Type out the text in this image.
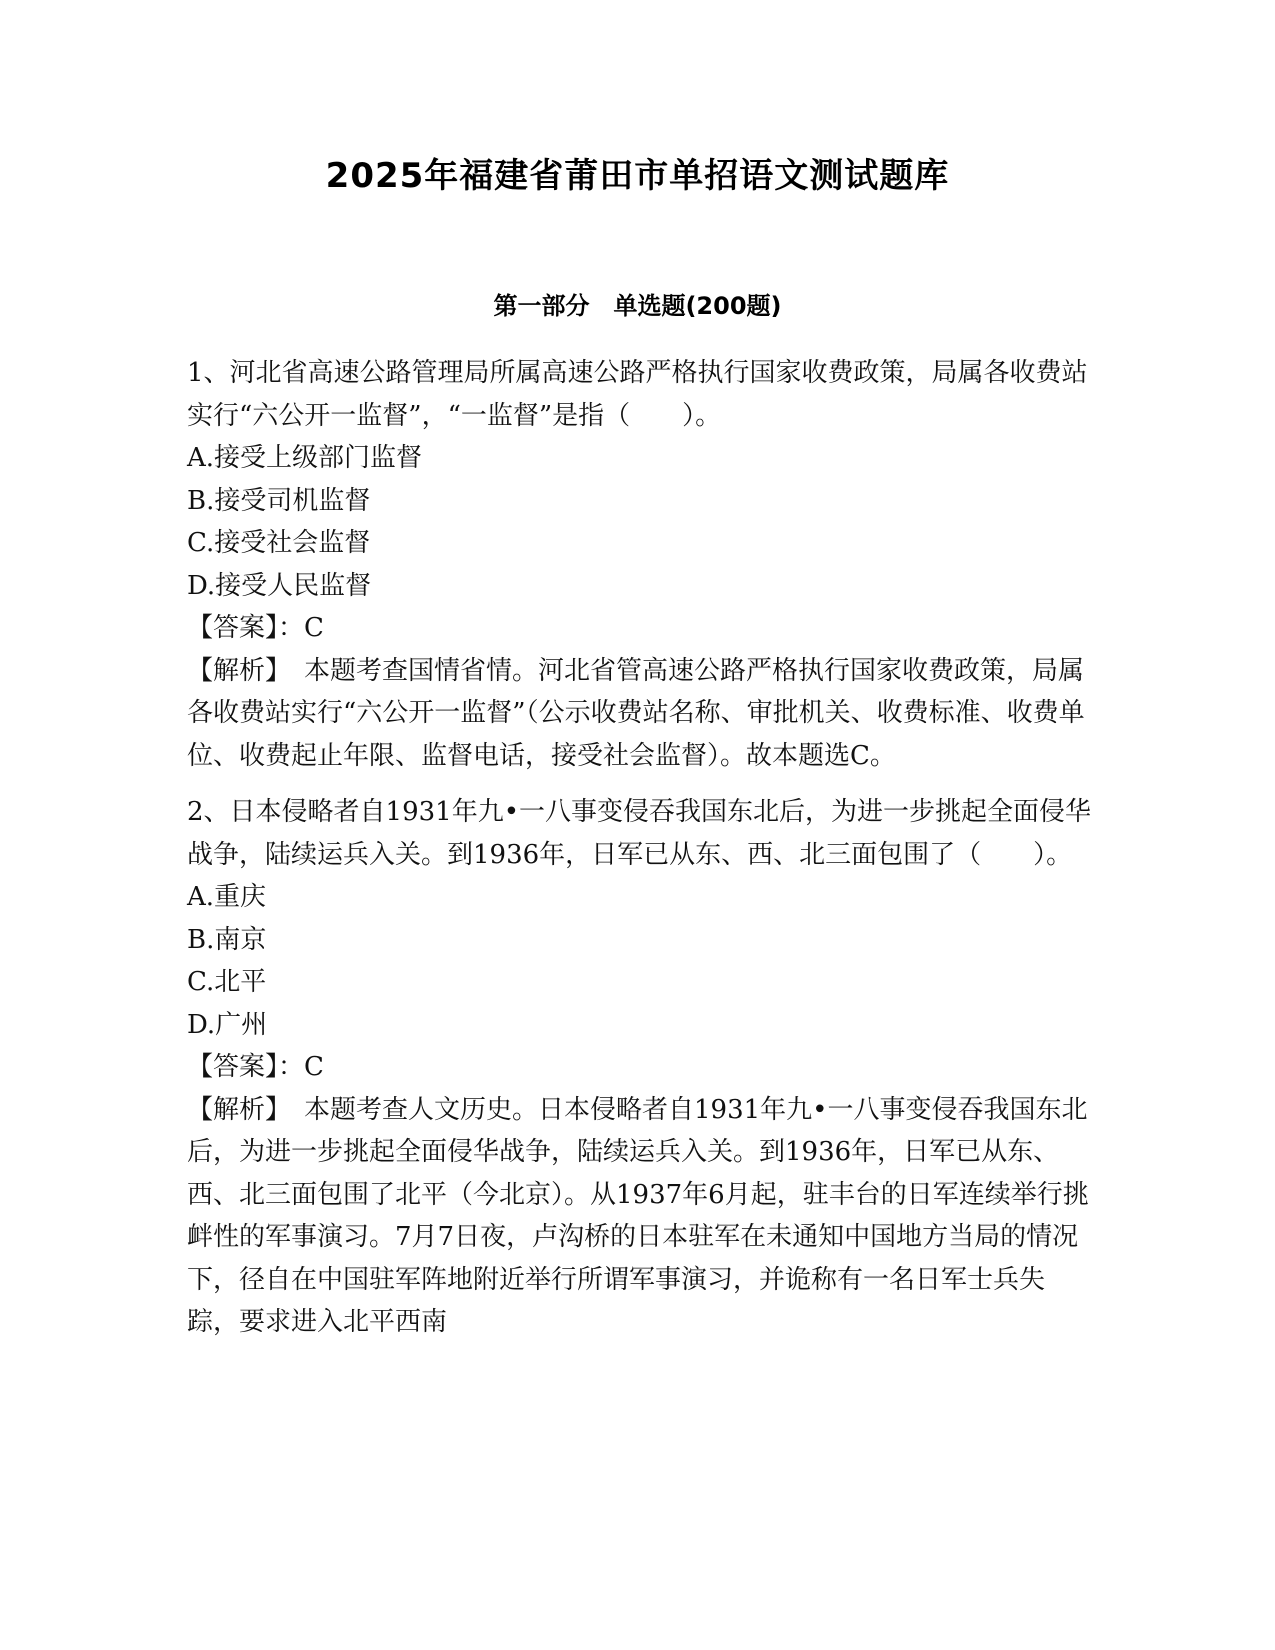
2025年福建省莆田市单招语文测试题库
第一部分　单选题(200题)

1、河北省高速公路管理局所属高速公路严格执行国家收费政策，局属各收费站实行“六公开一监督”，“一监督”是指（　　）。

A.接受上级部门监督

B.接受司机监督

C.接受社会监督

D.接受人民监督

【答案】：C

【解析】　本题考查国情省情。河北省管高速公路严格执行国家收费政策，局属各收费站实行“六公开一监督”（公示收费站名称、审批机关、收费标准、收费单位、收费起止年限、监督电话，接受社会监督）。故本题选C。

2、日本侵略者自1931年九•一八事变侵吞我国东北后，为进一步挑起全面侵华战争，陆续运兵入关。到1936年，日军已从东、西、北三面包围了（　　）。

A.重庆

B.南京

C.北平

D.广州

【答案】：C

【解析】　本题考查人文历史。日本侵略者自1931年九•一八事变侵吞我国东北后，为进一步挑起全面侵华战争，陆续运兵入关。到1936年，日军已从东、西、北三面包围了北平（今北京）。从1937年6月起，驻丰台的日军连续举行挑衅性的军事演习。7月7日夜，卢沟桥的日本驻军在未通知中国地方当局的情况下，径自在中国驻军阵地附近举行所谓军事演习，并诡称有一名日军士兵失踪，要求进入北平西南
